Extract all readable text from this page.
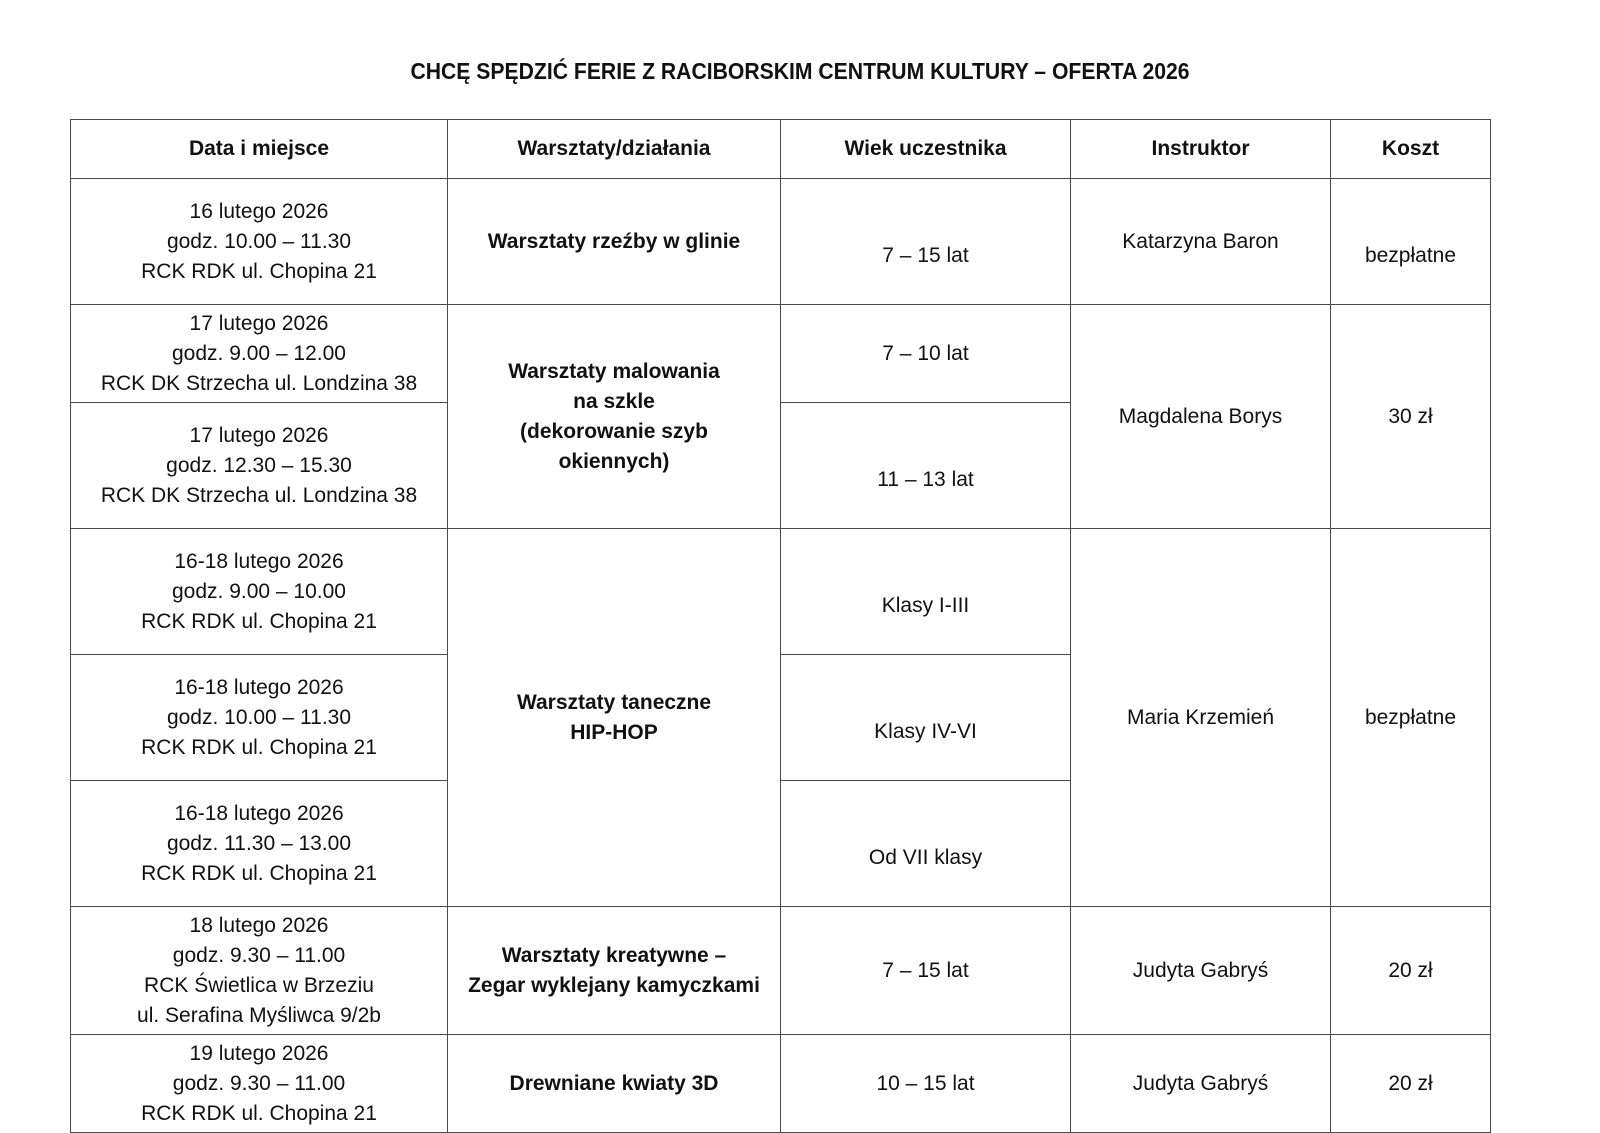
CHCĘ SPĘDZIĆ FERIE Z RACIBORSKIM CENTRUM KULTURY – OFERTA 2026
Data i miejsce	Warsztaty/działania	Wiek uczestnika	Instruktor	Koszt

16 lutego 2026
godz. 10.00 – 11.30
RCK RDK ul. Chopina 21	Warsztaty rzeźby w glinie	7 – 15 lat	Katarzyna Baron	bezpłatne

17 lutego 2026
godz. 9.00 – 12.00
RCK DK Strzecha ul. Londzina 38	Warsztaty malowania
na szkle
(dekorowanie szyb
okiennych)	7 – 10 lat	Magdalena Borys	30 zł

17 lutego 2026
godz. 12.30 – 15.30
RCK DK Strzecha ul. Londzina 38		11 – 13 lat		

16-18 lutego 2026
godz. 9.00 – 10.00
RCK RDK ul. Chopina 21	Warsztaty taneczne
HIP-HOP	Klasy I-III	Maria Krzemień	bezpłatne

16-18 lutego 2026
godz. 10.00 – 11.30
RCK RDK ul. Chopina 21		Klasy IV-VI		

16-18 lutego 2026
godz. 11.30 – 13.00
RCK RDK ul. Chopina 21		Od VII klasy		

18 lutego 2026
godz. 9.30 – 11.00
RCK Świetlica w Brzeziu
ul. Serafina Myśliwca 9/2b	Warsztaty kreatywne –
Zegar wyklejany kamyczkami	7 – 15 lat	Judyta Gabryś	20 zł

19 lutego 2026
godz. 9.30 – 11.00
RCK RDK ul. Chopina 21	Drewniane kwiaty 3D	10 – 15 lat	Judyta Gabryś	20 zł
